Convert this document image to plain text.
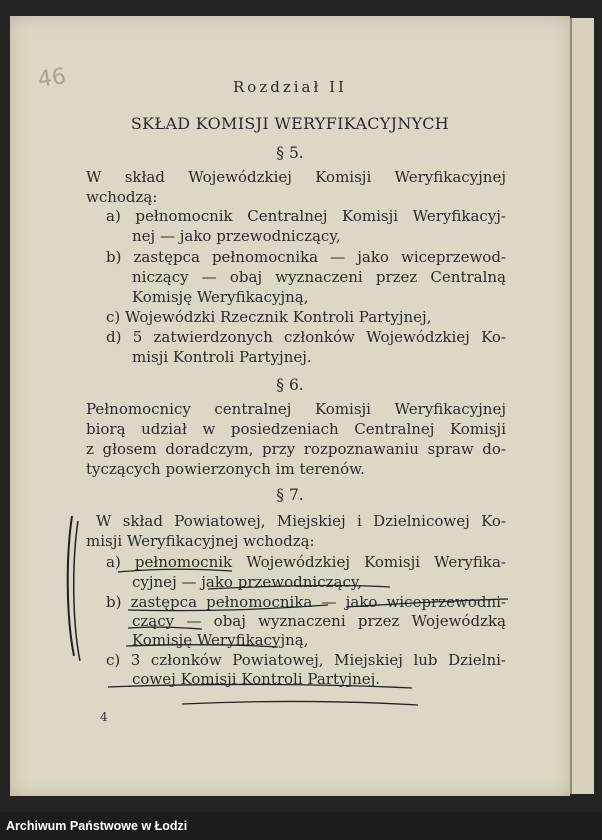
46	Rozdział II
SKŁAD KOMISJI WERYFIKACYJNYCH
§ 5.
W skład Wojewódzkiej Komisji Weryfikacyjnej
wchodzą:
a) pełnomocnik Centralnej Komisji Weryfikacyj-
nej — jako przewodniczący,
b) zastępca pełnomocnika — jako wiceprzewod-
niczący — obaj wyznaczeni przez Centralną
Komisję Weryfikacyjną,
c) Wojewódzki Rzecznik Kontroli Partyjnej,
d) 5 zatwierdzonych członków Wojewódzkiej Ko-
misji Kontroli Partyjnej.
§ 6.
Pełnomocnicy centralnej Komisji Weryfikacyjnej
biorą udział w posiedzeniach Centralnej Komisji
z głosem doradczym, przy rozpoznawaniu spraw do-
tyczących powierzonych im terenów.
§ 7.
W skład Powiatowej, Miejskiej i Dzielnicowej Ko-
misji Weryfikacyjnej wchodzą:
a) pełnomocnik Wojewódzkiej Komisji Weryfika-
cyjnej — jako przewodniczący,
b) zastępca pełnomocnika — jako wiceprzewodni-
czący — obaj wyznaczeni przez Wojewódzką
Komisję Weryfikacyjną,
c) 3 członków Powiatowej, Miejskiej lub Dzielni-
cowej Komisji Kontroli Partyjnej.
4
Archiwum Państwowe w Łodzi
